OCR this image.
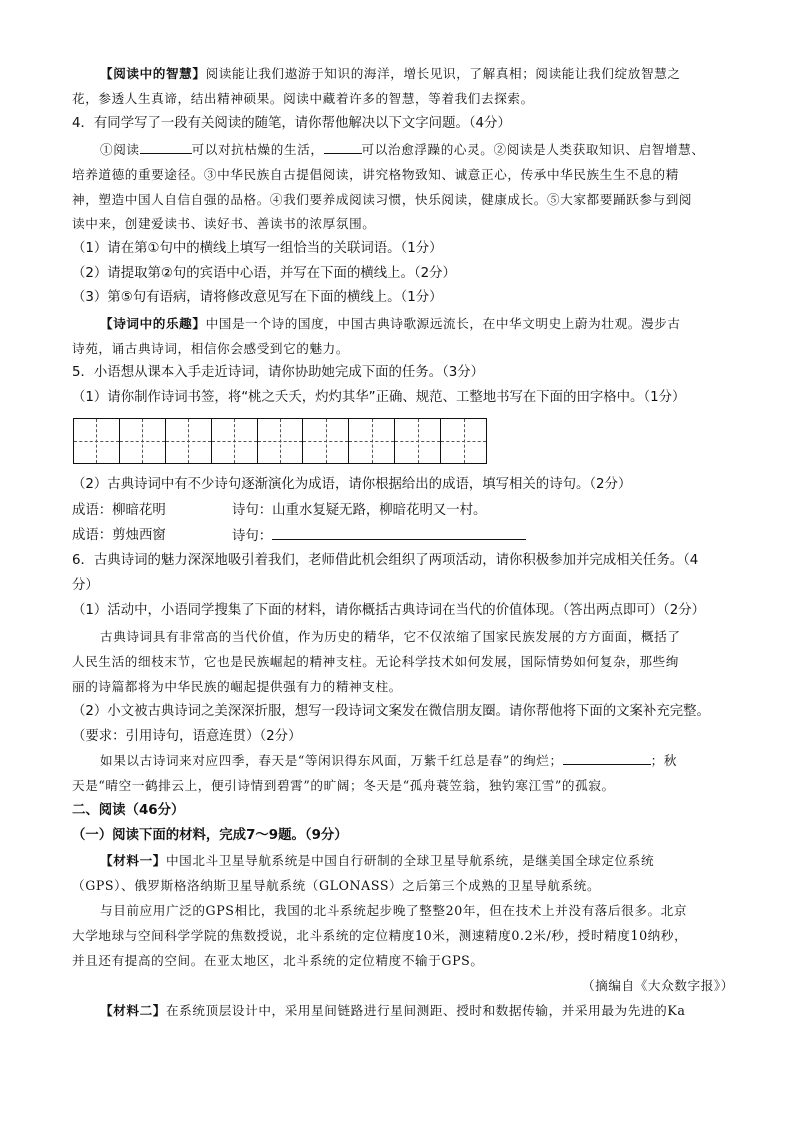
【阅读中的智慧】阅读能让我们遨游于知识的海洋，增长见识，了解真相；阅读能让我们绽放智慧之
花，参透人生真谛，结出精神硕果。阅读中藏着许多的智慧，等着我们去探索。
4．有同学写了一段有关阅读的随笔，请你帮他解决以下文字问题。（4分）
①阅读	可以对抗枯燥的生活，	可以治愈浮躁的心灵。②阅读是人类获取知识、启智增慧、
培养道德的重要途径。③中华民族自古提倡阅读，讲究格物致知、诚意正心，传承中华民族生生不息的精
神，塑造中国人自信自强的品格。④我们要养成阅读习惯，快乐阅读，健康成长。⑤大家都要踊跃参与到阅
读中来，创建爱读书、读好书、善读书的浓厚氛围。
（1）请在第①句中的横线上填写一组恰当的关联词语。（1分）
（2）请提取第②句的宾语中心语，并写在下面的横线上。（2分）
（3）第⑤句有语病，请将修改意见写在下面的横线上。（1分）
【诗词中的乐趣】中国是一个诗的国度，中国古典诗歌源远流长，在中华文明史上蔚为壮观。漫步古
诗苑，诵古典诗词，相信你会感受到它的魅力。
5．小语想从课本入手走近诗词，请你协助她完成下面的任务。（3分）
（1）请你制作诗词书签，将“桃之夭夭，灼灼其华”正确、规范、工整地书写在下面的田字格中。（1分）
（2）古典诗词中有不少诗句逐渐演化为成语，请你根据给出的成语，填写相关的诗句。（2分）
成语：柳暗花明	诗句：山重水复疑无路，柳暗花明又一村。
成语：剪烛西窗	诗句：
6．古典诗词的魅力深深地吸引着我们，老师借此机会组织了两项活动，请你积极参加并完成相关任务。（4
分）
（1）活动中，小语同学搜集了下面的材料，请你概括古典诗词在当代的价值体现。（答出两点即可）（2分）
古典诗词具有非常高的当代价值，作为历史的精华，它不仅浓缩了国家民族发展的方方面面，概括了
人民生活的细枝末节，它也是民族崛起的精神支柱。无论科学技术如何发展，国际情势如何复杂，那些绚
丽的诗篇都将为中华民族的崛起提供强有力的精神支柱。
（2）小文被古典诗词之美深深折服，想写一段诗词文案发在微信朋友圈。请你帮他将下面的文案补充完整。
（要求：引用诗句，语意连贯）（2分）
如果以古诗词来对应四季，春天是“等闲识得东风面，万紫千红总是春”的绚烂；	；秋
天是“晴空一鹤排云上，便引诗情到碧霄”的旷阔；冬天是“孤舟蓑笠翁，独钓寒江雪”的孤寂。
二、阅读（46分）
（一）阅读下面的材料，完成7～9题。（9分）
【材料一】中国北斗卫星导航系统是中国自行研制的全球卫星导航系统，是继美国全球定位系统
（GPS）、俄罗斯格洛纳斯卫星导航系统（GLONASS）之后第三个成熟的卫星导航系统。
与目前应用广泛的GPS相比，我国的北斗系统起步晚了整整20年，但在技术上并没有落后很多。北京
大学地球与空间科学学院的焦数授说，北斗系统的定位精度10米，测速精度0.2米/秒，授时精度10纳秒，
并且还有提高的空间。在亚太地区，北斗系统的定位精度不输于GPS。
（摘编自《大众数字报》）
【材料二】在系统顶层设计中，采用星间链路进行星间测距、授时和数据传输，并采用最为先进的Ka
